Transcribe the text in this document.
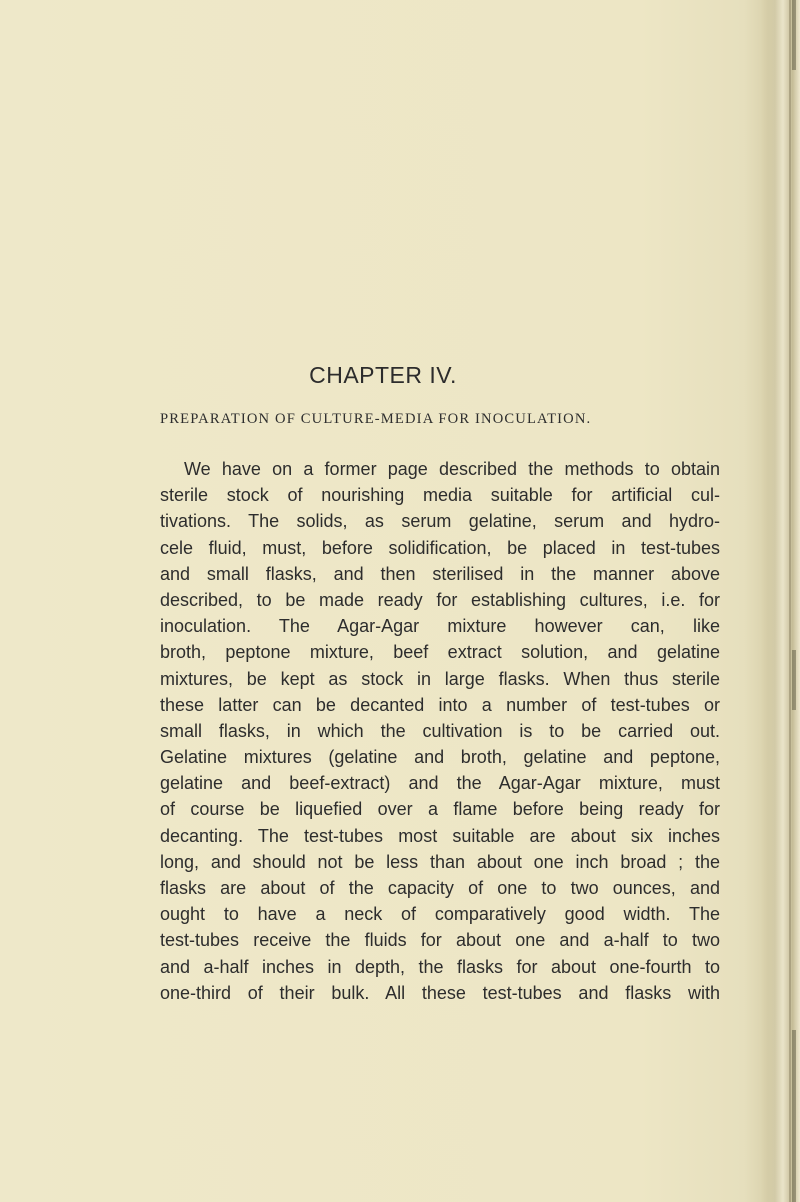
CHAPTER IV.
PREPARATION OF CULTURE-MEDIA FOR INOCULATION.
We have on a former page described the methods to obtain
sterile stock of nourishing media suitable for artificial cul-
tivations. The solids, as serum gelatine, serum and hydro-
cele fluid, must, before solidification, be placed in test-tubes
and small flasks, and then sterilised in the manner above
described, to be made ready for establishing cultures, i.e. for
inoculation. The Agar-Agar mixture however can, like
broth, peptone mixture, beef extract solution, and gelatine
mixtures, be kept as stock in large flasks. When thus sterile
these latter can be decanted into a number of test-tubes or
small flasks, in which the cultivation is to be carried out.
Gelatine mixtures (gelatine and broth, gelatine and peptone,
gelatine and beef-extract) and the Agar-Agar mixture, must
of course be liquefied over a flame before being ready for
decanting. The test-tubes most suitable are about six inches
long, and should not be less than about one inch broad ; the
flasks are about of the capacity of one to two ounces, and
ought to have a neck of comparatively good width. The
test-tubes receive the fluids for about one and a-half to two
and a-half inches in depth, the flasks for about one-fourth to
one-third of their bulk. All these test-tubes and flasks with
